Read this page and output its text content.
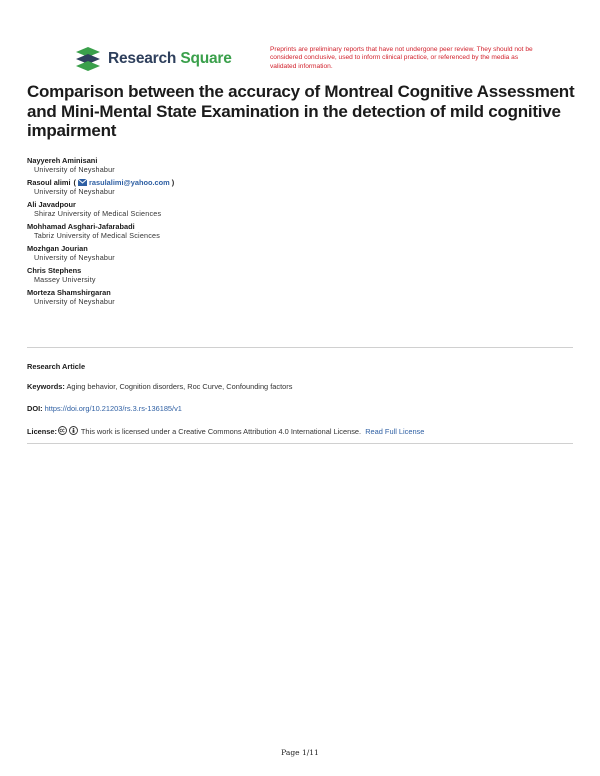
Research Square
Preprints are preliminary reports that have not undergone peer review. They should not be considered conclusive, used to inform clinical practice, or referenced by the media as validated information.
Comparison between the accuracy of Montreal Cognitive Assessment and Mini-Mental State Examination in the detection of mild cognitive impairment
Nayyereh Aminisani
University of Neyshabur
Rasoul alimi ( rasulalimi@yahoo.com )
University of Neyshabur
Ali Javadpour
Shiraz University of Medical Sciences
Mohhamad Asghari-Jafarabadi
Tabriz University of Medical Sciences
Mozhgan Jourian
University of Neyshabur
Chris Stephens
Massey University
Morteza Shamshirgaran
University of Neyshabur
Research Article
Keywords: Aging behavior, Cognition disorders, Roc Curve, Confounding factors
DOI: https://doi.org/10.21203/rs.3.rs-136185/v1
License:	This work is licensed under a Creative Commons Attribution 4.0 International License. Read Full License
Page 1/11
